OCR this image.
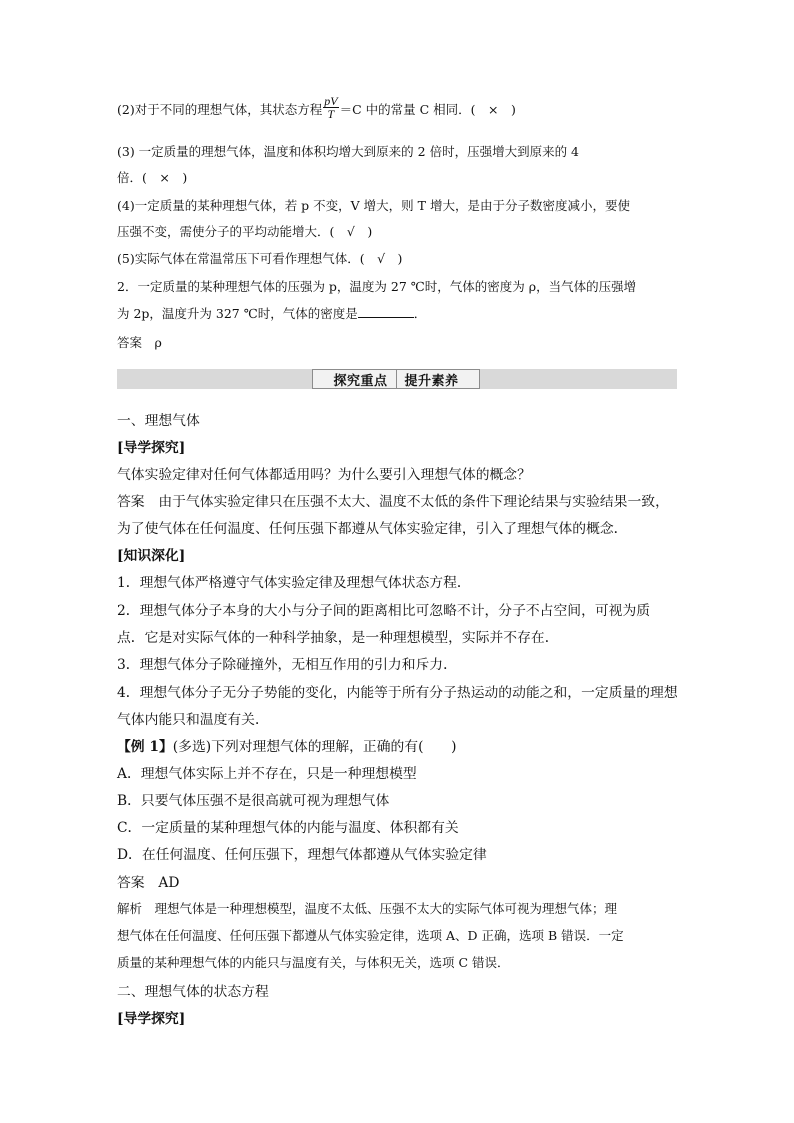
(2)对于不同的理想气体，其状态方程 $\frac{pV}{T} =C$ 中的常量 C 相同．(　×　)
(3) 一定质量的理想气体，温度和体积均增大到原来的 2 倍时，压强增大到原来的 4
倍．(　×　)
(4)一定质量的某种理想气体，若 p 不变，V 增大，则 T 增大，是由于分子数密度减小，要使
压强不变，需使分子的平均动能增大．(　√　)
(5)实际气体在常温常压下可看作理想气体．(　√　)
2．一定质量的某种理想气体的压强为 p，温度为 27 ℃时，气体的密度为 ρ，当气体的压强增
为 2p，温度升为 327 ℃时，气体的密度是	．
答案　ρ
探究重点 提升素养
一、理想气体
[导学探究]
气体实验定律对任何气体都适用吗？为什么要引入理想气体的概念？
答案　由于气体实验定律只在压强不太大、温度不太低的条件下理论结果与实验结果一致，
为了使气体在任何温度、任何压强下都遵从气体实验定律，引入了理想气体的概念．
[知识深化]
1．理想气体严格遵守气体实验定律及理想气体状态方程．
2．理想气体分子本身的大小与分子间的距离相比可忽略不计，分子不占空间，可视为质
点．它是对实际气体的一种科学抽象，是一种理想模型，实际并不存在．
3．理想气体分子除碰撞外，无相互作用的引力和斥力．
4．理想气体分子无分子势能的变化，内能等于所有分子热运动的动能之和，一定质量的理想
气体内能只和温度有关．
【例 1】(多选)下列对理想气体的理解，正确的有(　　)
A．理想气体实际上并不存在，只是一种理想模型
B．只要气体压强不是很高就可视为理想气体
C．一定质量的某种理想气体的内能与温度、体积都有关
D．在任何温度、任何压强下，理想气体都遵从气体实验定律
答案　AD
解析　理想气体是一种理想模型，温度不太低、压强不太大的实际气体可视为理想气体；理
想气体在任何温度、任何压强下都遵从气体实验定律，选项 A、D 正确，选项 B 错误．一定
质量的某种理想气体的内能只与温度有关，与体积无关，选项 C 错误．
二、理想气体的状态方程
[导学探究]
